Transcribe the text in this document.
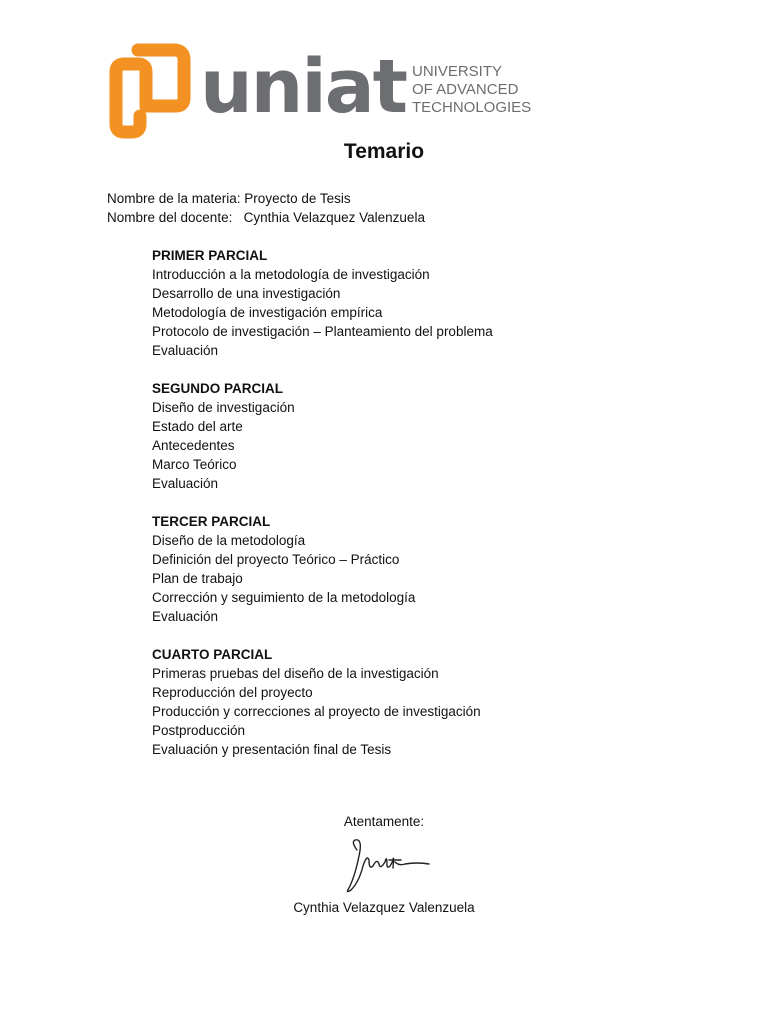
uniat UNIVERSITY
OF ADVANCED
TECHNOLOGIES
Temario
Nombre de la materia: Proyecto de Tesis
Nombre del docente:   Cynthia Velazquez Valenzuela
PRIMER PARCIAL
Introducción a la metodología de investigación
Desarrollo de una investigación
Metodología de investigación empírica
Protocolo de investigación – Planteamiento del problema
Evaluación
SEGUNDO PARCIAL
Diseño de investigación
Estado del arte
Antecedentes
Marco Teórico
Evaluación
TERCER PARCIAL
Diseño de la metodología
Definición del proyecto Teórico – Práctico
Plan de trabajo
Corrección y seguimiento de la metodología
Evaluación
CUARTO PARCIAL
Primeras pruebas del diseño de la investigación
Reproducción del proyecto
Producción y correcciones al proyecto de investigación
Postproducción
Evaluación y presentación final de Tesis
Atentamente:
Cynthia Velazquez Valenzuela
